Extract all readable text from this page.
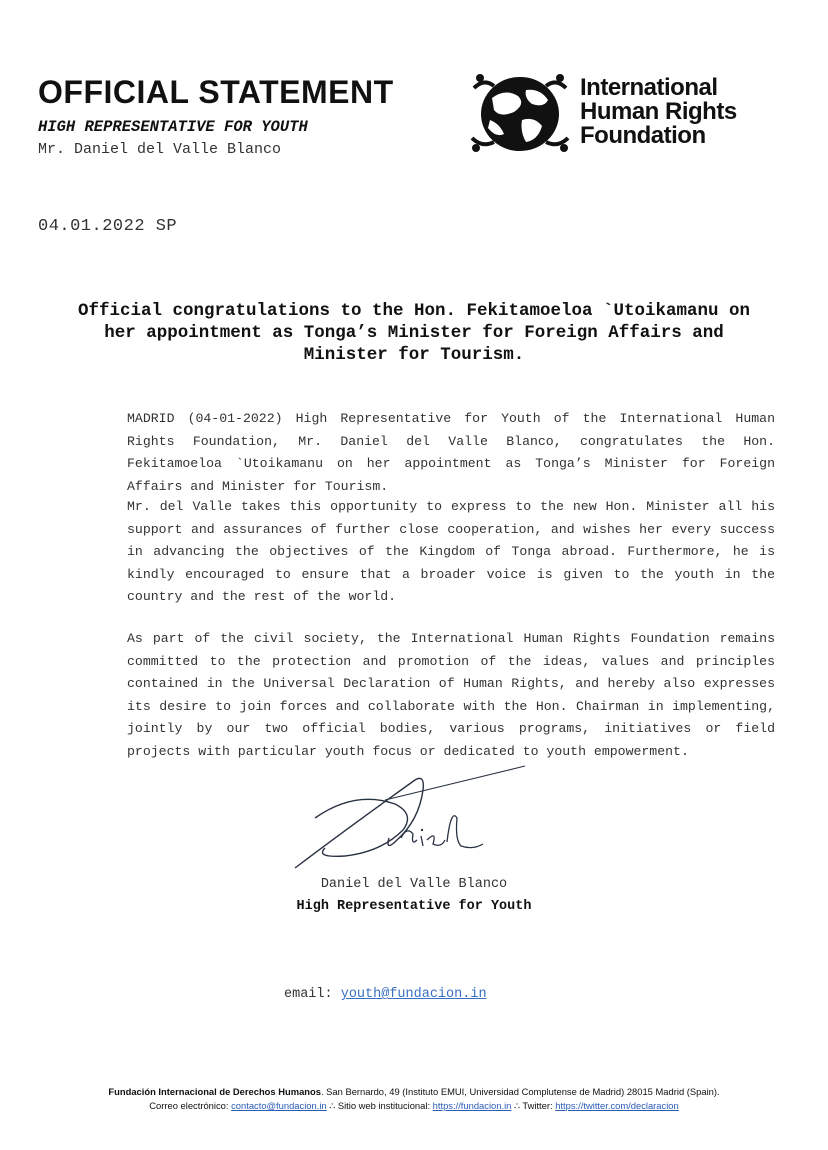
OFFICIAL STATEMENT
HIGH REPRESENTATIVE FOR YOUTH
Mr. Daniel del Valle Blanco
International
Human Rights
Foundation
04.01.2022 SP
Official congratulations to the Hon. Fekitamoeloa `Utoikamanu on
her appointment as Tonga’s Minister for Foreign Affairs and
Minister for Tourism.
MADRID (04-01-2022) High Representative for Youth of the International Human Rights Foundation, Mr. Daniel del Valle Blanco, congratulates the Hon. Fekitamoeloa `Utoikamanu on her appointment as Tonga’s Minister for Foreign Affairs and Minister for Tourism.
Mr. del Valle takes this opportunity to express to the new Hon. Minister all his support and assurances of further close cooperation, and wishes her every success in advancing the objectives of the Kingdom of Tonga abroad. Furthermore, he is kindly encouraged to ensure that a broader voice is given to the youth in the country and the rest of the world.
As part of the civil society, the International Human Rights Foundation remains committed to the protection and promotion of the ideas, values and principles contained in the Universal Declaration of Human Rights, and hereby also expresses its desire to join forces and collaborate with the Hon. Chairman in implementing, jointly by our two official bodies, various programs, initiatives or field projects with particular youth focus or dedicated to youth empowerment.
Daniel del Valle Blanco
High Representative for Youth
email: youth@fundacion.in
Fundación Internacional de Derechos Humanos. San Bernardo, 49 (Instituto EMUI, Universidad Complutense de Madrid) 28015 Madrid (Spain).
Correo electrónico: contacto@fundacion.in ∴ Sitio web institucional: https://fundacion.in ∴ Twitter: https://twitter.com/declaracion
